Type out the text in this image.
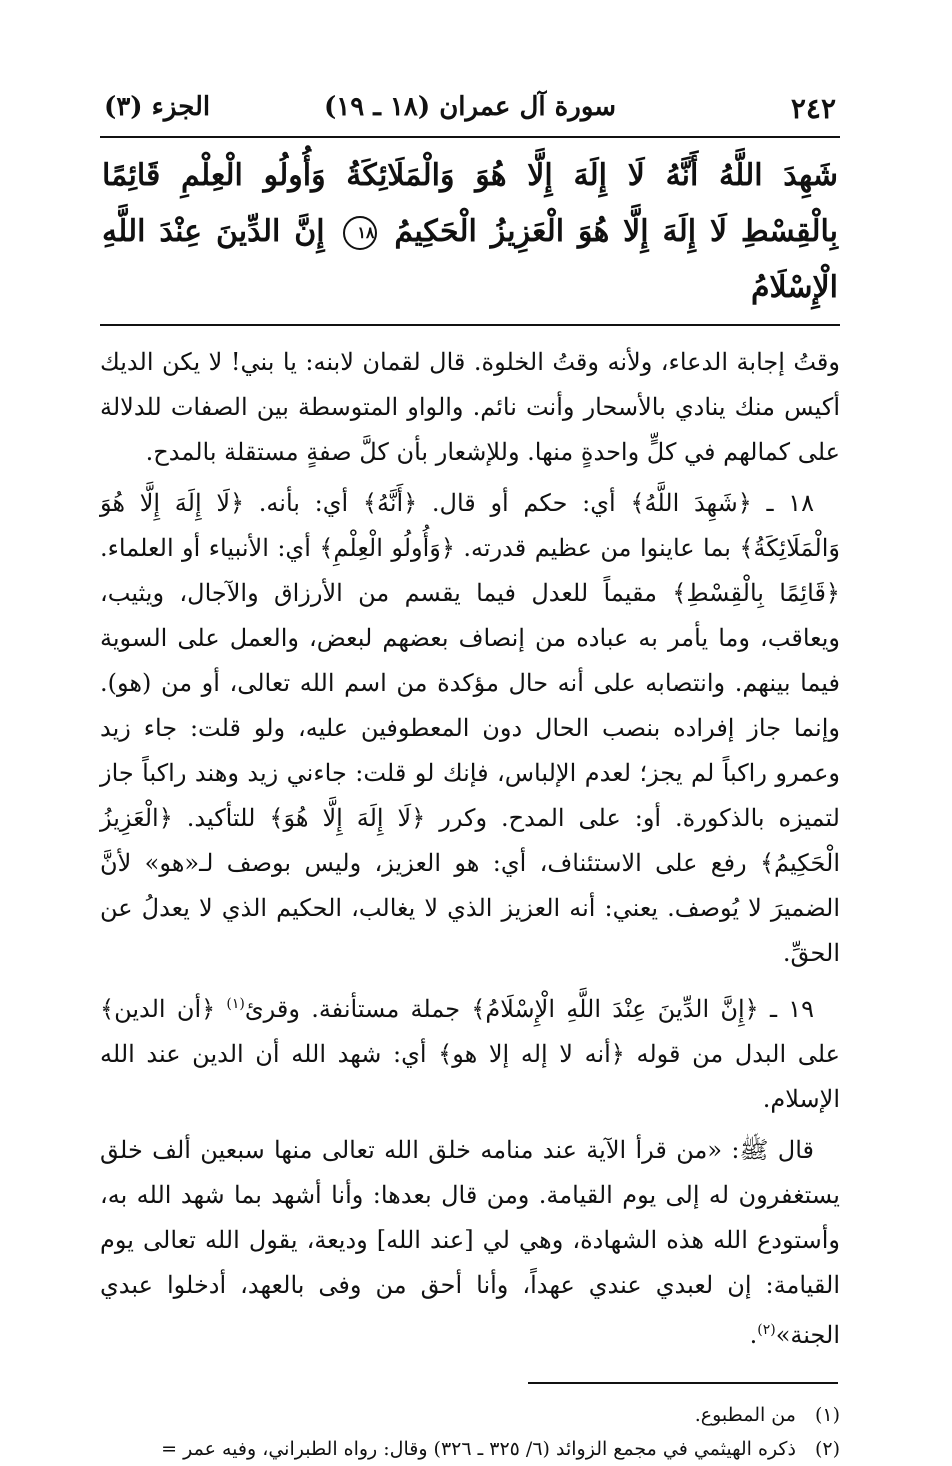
٢٤٢
سورة آل عمران (١٨ ـ ١٩)
الجزء (٣)
شَهِدَ اللَّهُ أَنَّهُ لَا إِلَهَ إِلَّا هُوَ وَالْمَلَائِكَةُ وَأُولُو الْعِلْمِ قَائِمًا بِالْقِسْطِ لَا إِلَهَ إِلَّا هُوَ الْعَزِيزُ الْحَكِيمُ ١٨ إِنَّ الدِّينَ عِنْدَ اللَّهِ الْإِسْلَامُ

وقتُ إجابة الدعاء، ولأنه وقتُ الخلوة. قال لقمان لابنه: يا بني! لا يكن الديك أكيس منك ينادي بالأسحار وأنت نائم. والواو المتوسطة بين الصفات للدلالة على كمالهم في كلٍّ واحدةٍ منها. وللإشعار بأن كلَّ صفةٍ مستقلة بالمدح.

١٨ ـ ﴿شَهِدَ اللَّهُ﴾ أي: حكم أو قال. ﴿أَنَّهُ﴾ أي: بأنه. ﴿لَا إِلَهَ إِلَّا هُوَ وَالْمَلَائِكَةُ﴾ بما عاينوا من عظيم قدرته. ﴿وَأُولُو الْعِلْمِ﴾ أي: الأنبياء أو العلماء. ﴿قَائِمًا بِالْقِسْطِ﴾ مقيماً للعدل فيما يقسم من الأرزاق والآجال، ويثيب، ويعاقب، وما يأمر به عباده من إنصاف بعضهم لبعض، والعمل على السوية فيما بينهم. وانتصابه على أنه حال مؤكدة من اسم الله تعالى، أو من (هو). وإنما جاز إفراده بنصب الحال دون المعطوفين عليه، ولو قلت: جاء زيد وعمرو راكباً لم يجز؛ لعدم الإلباس، فإنك لو قلت: جاءني زيد وهند راكباً جاز لتميزه بالذكورة. أو: على المدح. وكرر ﴿لَا إِلَهَ إِلَّا هُوَ﴾ للتأكيد. ﴿الْعَزِيزُ الْحَكِيمُ﴾ رفع على الاستئناف، أي: هو العزيز، وليس بوصف لـ«هو» لأنَّ الضميرَ لا يُوصف. يعني: أنه العزيز الذي لا يغالب، الحكيم الذي لا يعدلُ عن الحقِّ.

١٩ ـ ﴿إِنَّ الدِّينَ عِنْدَ اللَّهِ الْإِسْلَامُ﴾ جملة مستأنفة. وقرئ$^{(١)}$ ﴿أن الدين﴾ على البدل من قوله ﴿أنه لا إله إلا هو﴾ أي: شهد الله أن الدين عند الله الإسلام.

قال ﷺ: «من قرأ الآية عند منامه خلق الله تعالى منها سبعين ألف خلق يستغفرون له إلى يوم القيامة. ومن قال بعدها: وأنا أشهد بما شهد الله به، وأستودع الله هذه الشهادة، وهي لي [عند الله] وديعة، يقول الله تعالى يوم القيامة: إن لعبدي عندي عهداً، وأنا أحق من وفى بالعهد، أدخلوا عبدي الجنة»$^{(٢)}$.

(١) من المطبوع.
(٢) ذكره الهيثمي في مجمع الزوائد (٦/ ٣٢٥ ـ ٣٢٦) وقال: رواه الطبراني، وفيه عمر =
